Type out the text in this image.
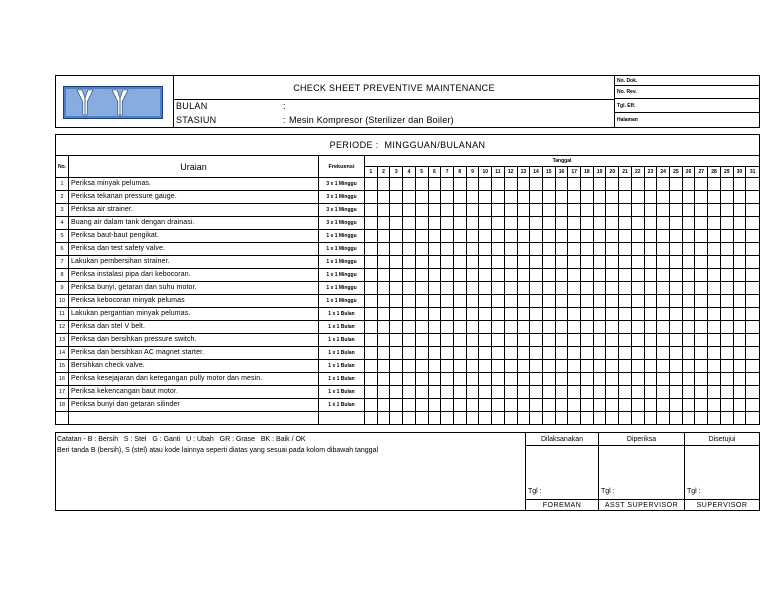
CHECK SHEET PREVENTIVE MAINTENANCE
BULAN	:
STASIUN	: Mesin Kompresor (Sterilizer dan Boiler)
No. Dok.
No. Rev.
Tgl. Eff.
Halaman
PERIODE :
MINGGUAN/BULANAN
No.	Uraian	Frekuensi
Tanggal
1	2	3	4	5	6	7	8	9	10	11	12	13	14	15	16	17	18	19	20	21	22	23	24	25	26	27	28	29	30	31
1	Periksa minyak pelumas.	3 x 1 Minggu
2	Periksa tekanan pressure gauge.	3 x 1 Minggu
3	Periksa air strainer.	3 x 1 Minggu
4	Buang air dalam tank dengan drainasi.	3 x 1 Minggu
5	Periksa baut-baut pengikat.	1 x 1 Minggu
6	Periksa dan test safety valve.	1 x 1 Minggu
7	Lakukan pembersihan strainer.	1 x 1 Minggu
8	Periksa instalasi pipa dari kebocoran.	1 x 1 Minggu
9	Periksa bunyi, getaran dan suhu motor.	1 x 1 Minggu
10 Periksa kebocoran minyak pelumas	1 x 1 Minggu
11 Lakukan pergantian minyak pelumas.	1 x 1 Bulan
12 Periksa dan stel V belt.	1 x 1 Bulan
13 Periksa dan bersihkan pressure switch.	1 x 1 Bulan
14 Periksa dan bersihkan AC magnet starter.	1 x 1 Bulan
15 Bersihkan check valve.	1 x 1 Bulan
16 Periksa kesejajaran dan ketegangan pully motor dan mesin.	1 x 1 Bulan
17 Periksa kekencangan baut motor.	1 x 1 Bulan
18 Periksa bunyi dan getaran silinder	1 x 1 Bulan
Catatan - B : Bersih   S : Stel   G : Ganti   U : Ubah   GR : Grase   BK : Baik / OK
Beri tanda B (bersih), S (stel) atau kode lainnya seperti diatas yang sesuai pada kolom dibawah tanggal
Dilaksanakan
Tgl :
FOREMAN
Diperiksa
Tgl :
ASST SUPERVISOR
Disetujui
Tgl :
SUPERVISOR
